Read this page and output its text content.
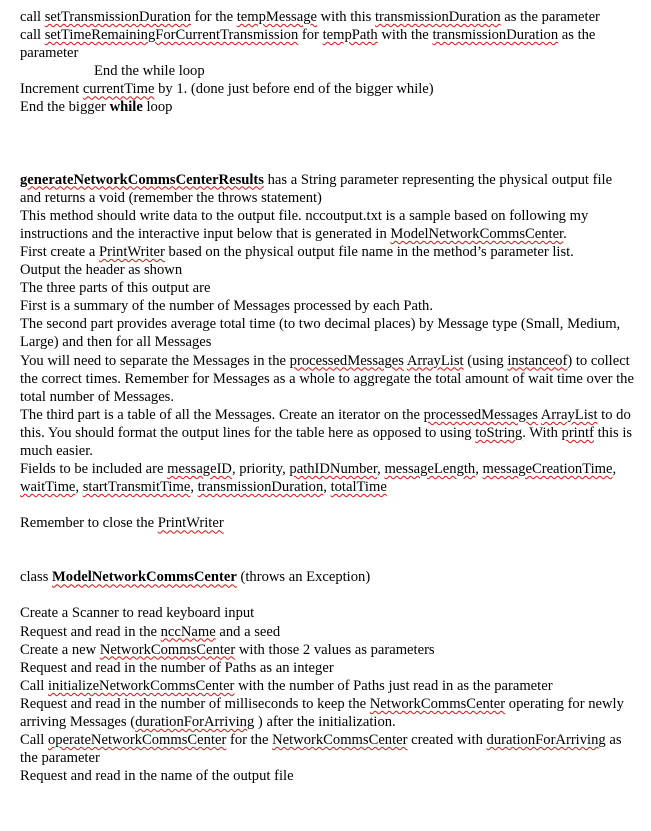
call setTransmissionDuration for the tempMessage with this transmissionDuration as the parameter

call setTimeRemainingForCurrentTransmission for tempPath with the transmissionDuration as the parameter

End the while loop

Increment currentTime by 1. (done just before end of the bigger while)

End the bigger while loop

generateNetworkCommsCenterResults has a String parameter representing the physical output file and returns a void (remember the throws statement)

This method should write data to the output file. nccoutput.txt is a sample based on following my instructions and the interactive input below that is generated in ModelNetworkCommsCenter.

First create a PrintWriter based on the physical output file name in the method’s parameter list.

Output the header as shown

The three parts of this output are

First is a summary of the number of Messages processed by each Path.

The second part provides average total time (to two decimal places) by Message type (Small, Medium, Large) and then for all Messages

You will need to separate the Messages in the processedMessages ArrayList (using instanceof) to collect the correct times. Remember for Messages as a whole to aggregate the total amount of wait time over the total number of Messages.

The third part is a table of all the Messages. Create an iterator on the processedMessages ArrayList to do this. You should format the output lines for the table here as opposed to using toString. With printf this is much easier.

Fields to be included are messageID, priority, pathIDNumber, messageLength, messageCreationTime, waitTime, startTransmitTime, transmissionDuration, totalTime

Remember to close the PrintWriter

class ModelNetworkCommsCenter (throws an Exception)

Create a Scanner to read keyboard input

Request and read in the nccName and a seed

Create a new NetworkCommsCenter with those 2 values as parameters

Request and read in the number of Paths as an integer

Call initializeNetworkCommsCenter with the number of Paths just read in as the parameter

Request and read in the number of milliseconds to keep the NetworkCommsCenter operating for newly arriving Messages (durationForArriving ) after the initialization.

Call operateNetworkCommsCenter for the NetworkCommsCenter created with durationForArriving as the parameter

Request and read in the name of the output file
